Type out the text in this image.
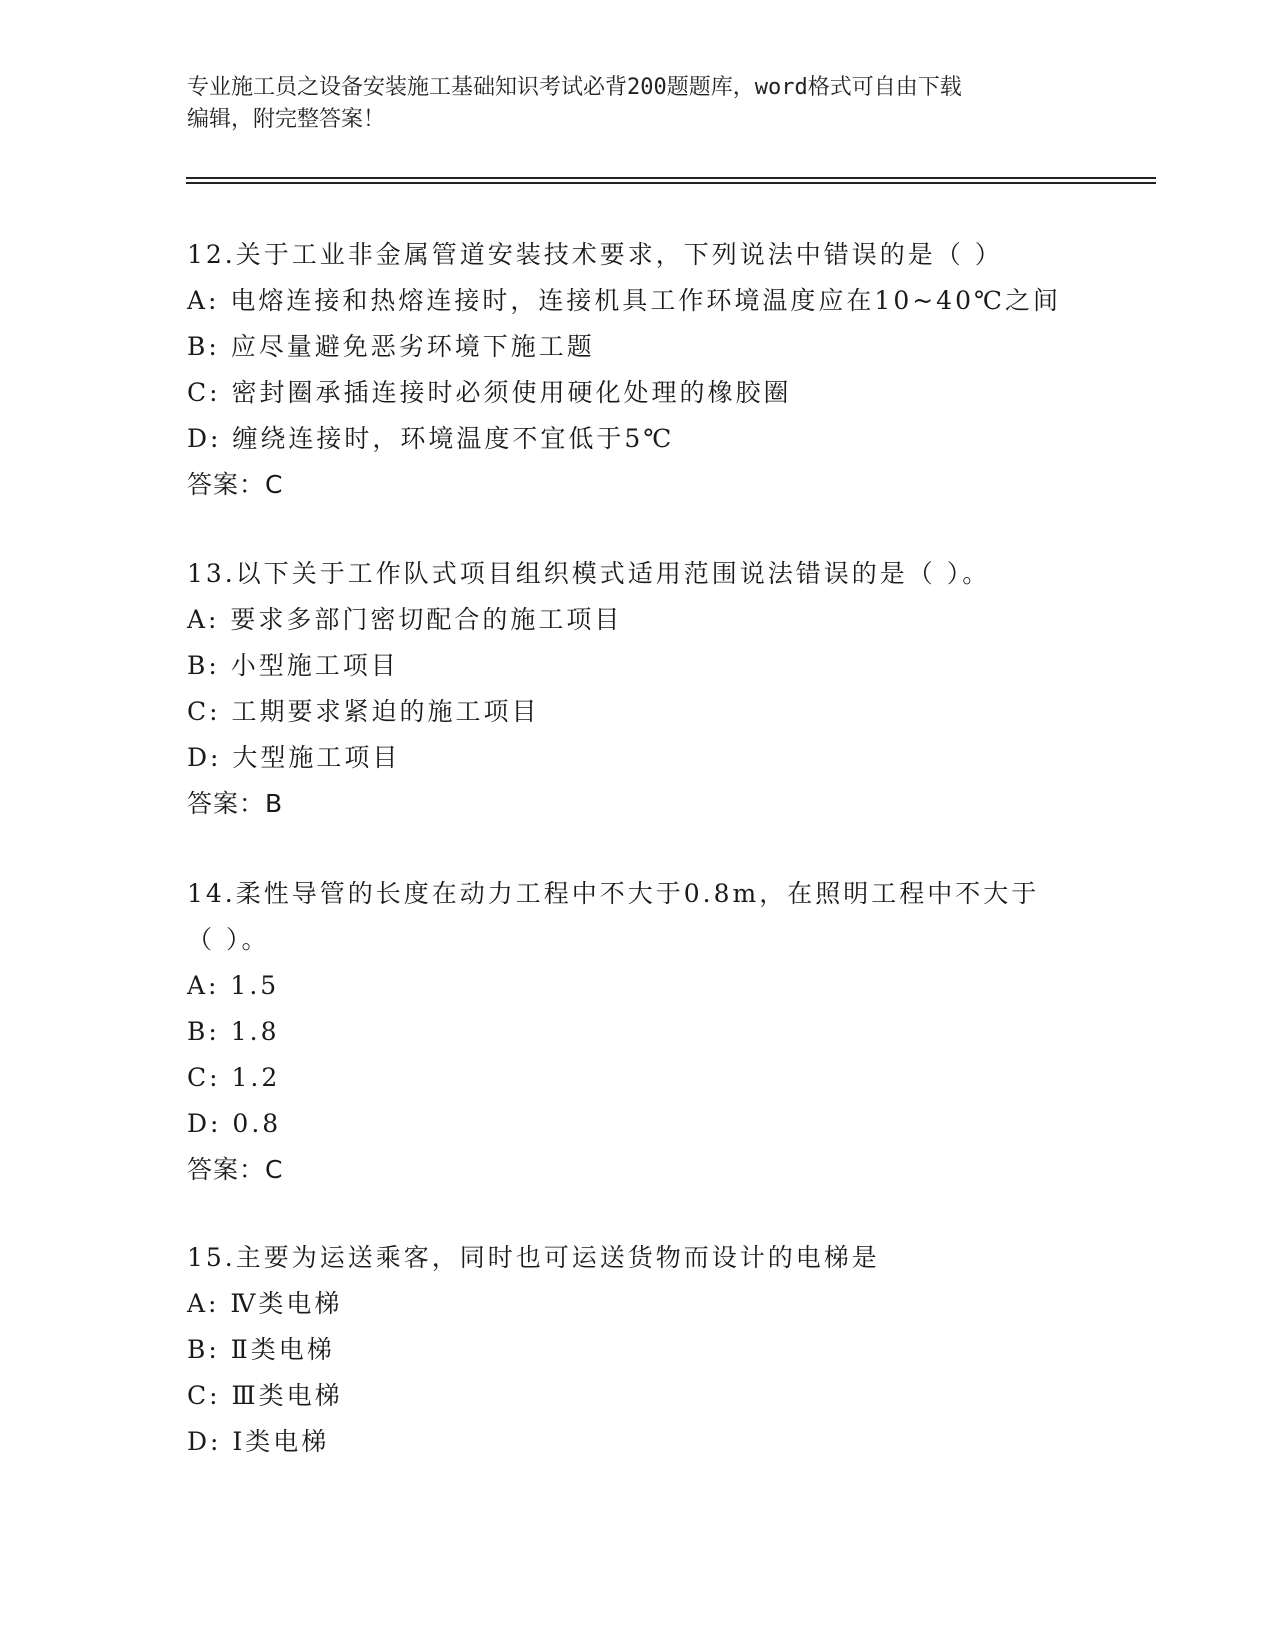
专业施工员之设备安装施工基础知识考试必背200题题库，word格式可自由下载
编辑，附完整答案！
12.关于工业非金属管道安装技术要求，下列说法中错误的是（ ）
A: 电熔连接和热熔连接时，连接机具工作环境温度应在10~40℃之间
B: 应尽量避免恶劣环境下施工题
C: 密封圈承插连接时必须使用硬化处理的橡胶圈
D: 缠绕连接时，环境温度不宜低于5℃
答案：C
13.以下关于工作队式项目组织模式适用范围说法错误的是（ ）。
A: 要求多部门密切配合的施工项目
B: 小型施工项目
C: 工期要求紧迫的施工项目
D: 大型施工项目
答案：B
14.柔性导管的长度在动力工程中不大于0.8m，在照明工程中不大于（ ）。
A: 1.5
B: 1.8
C: 1.2
D: 0.8
答案：C
15.主要为运送乘客，同时也可运送货物而设计的电梯是
A: Ⅳ类电梯
B: Ⅱ类电梯
C: Ⅲ类电梯
D: Ⅰ类电梯
